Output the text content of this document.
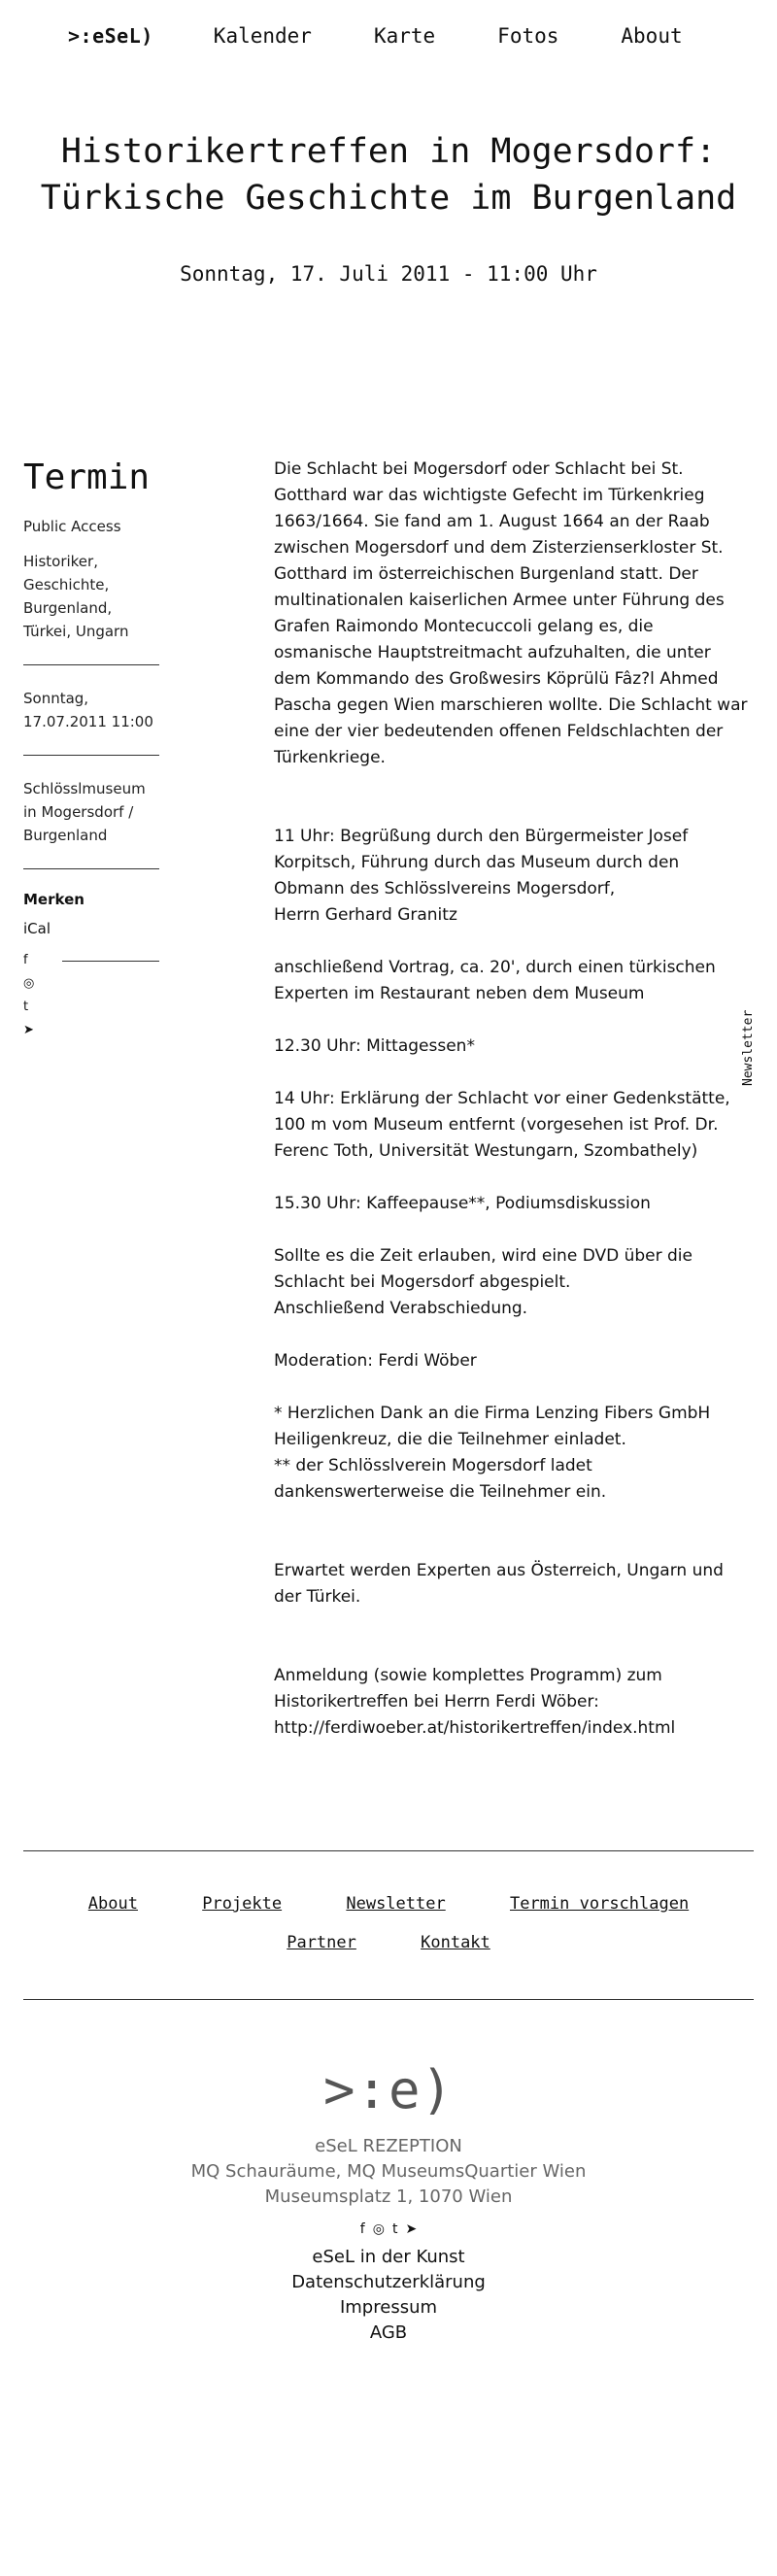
>:eSeL)	Kalender	Karte	Fotos	About
Historikertreffen in Mogersdorf:
Türkische Geschichte im Burgenland
Sonntag, 17. Juli 2011 - 11:00 Uhr
Termin
Public Access
Historiker, Geschichte, Burgenland, Türkei, Ungarn
Sonntag,
17.07.2011 11:00
Schlösslmuseum in Mogersdorf / Burgenland
Merken
iCal
f
◎
t
➤

Die Schlacht bei Mogersdorf oder Schlacht bei St. Gotthard war das wichtigste Gefecht im Türkenkrieg 1663/1664. Sie fand am 1. August 1664 an der Raab zwischen Mogersdorf und dem Zisterzienserkloster St. Gotthard im österreichischen Burgenland statt. Der multinationalen kaiserlichen Armee unter Führung des Grafen Raimondo Montecuccoli gelang es, die osmanische Hauptstreitmacht aufzuhalten, die unter dem Kommando des Großwesirs Köprülü Fâz?l Ahmed Pascha gegen Wien marschieren wollte. Die Schlacht war eine der vier bedeutenden offenen Feldschlachten der Türkenkriege.

11 Uhr: Begrüßung durch den Bürgermeister Josef Korpitsch, Führung durch das Museum durch den Obmann des Schlösslvereins Mogersdorf,

Herrn Gerhard Granitz

anschließend Vortrag, ca. 20', durch einen türkischen Experten im Restaurant neben dem Museum

12.30 Uhr: Mittagessen*

14 Uhr: Erklärung der Schlacht vor einer Gedenkstätte, 100 m vom Museum entfernt (vorgesehen ist Prof. Dr. Ferenc Toth, Universität Westungarn, Szombathely)

15.30 Uhr: Kaffeepause**, Podiumsdiskussion

Sollte es die Zeit erlauben, wird eine DVD über die Schlacht bei Mogersdorf abgespielt.

Anschließend Verabschiedung.

Moderation: Ferdi Wöber

* Herzlichen Dank an die Firma Lenzing Fibers GmbH Heiligenkreuz, die die Teilnehmer einladet.

** der Schlösslverein Mogersdorf ladet dankenswerterweise die Teilnehmer ein.

Erwartet werden Experten aus Österreich, Ungarn und der Türkei.

Anmeldung (sowie komplettes Programm) zum Historikertreffen bei Herrn Ferdi Wöber:

http://ferdiwoeber.at/historikertreffen/index.html

Newsletter
About	Projekte	Newsletter	Termin vorschlagen
Partner	Kontakt
>:e)
eSeL REZEPTION
MQ Schauräume, MQ MuseumsQuartier Wien
Museumsplatz 1, 1070 Wien
f ◎ t ➤
eSeL in der Kunst
Datenschutzerklärung
Impressum
AGB
